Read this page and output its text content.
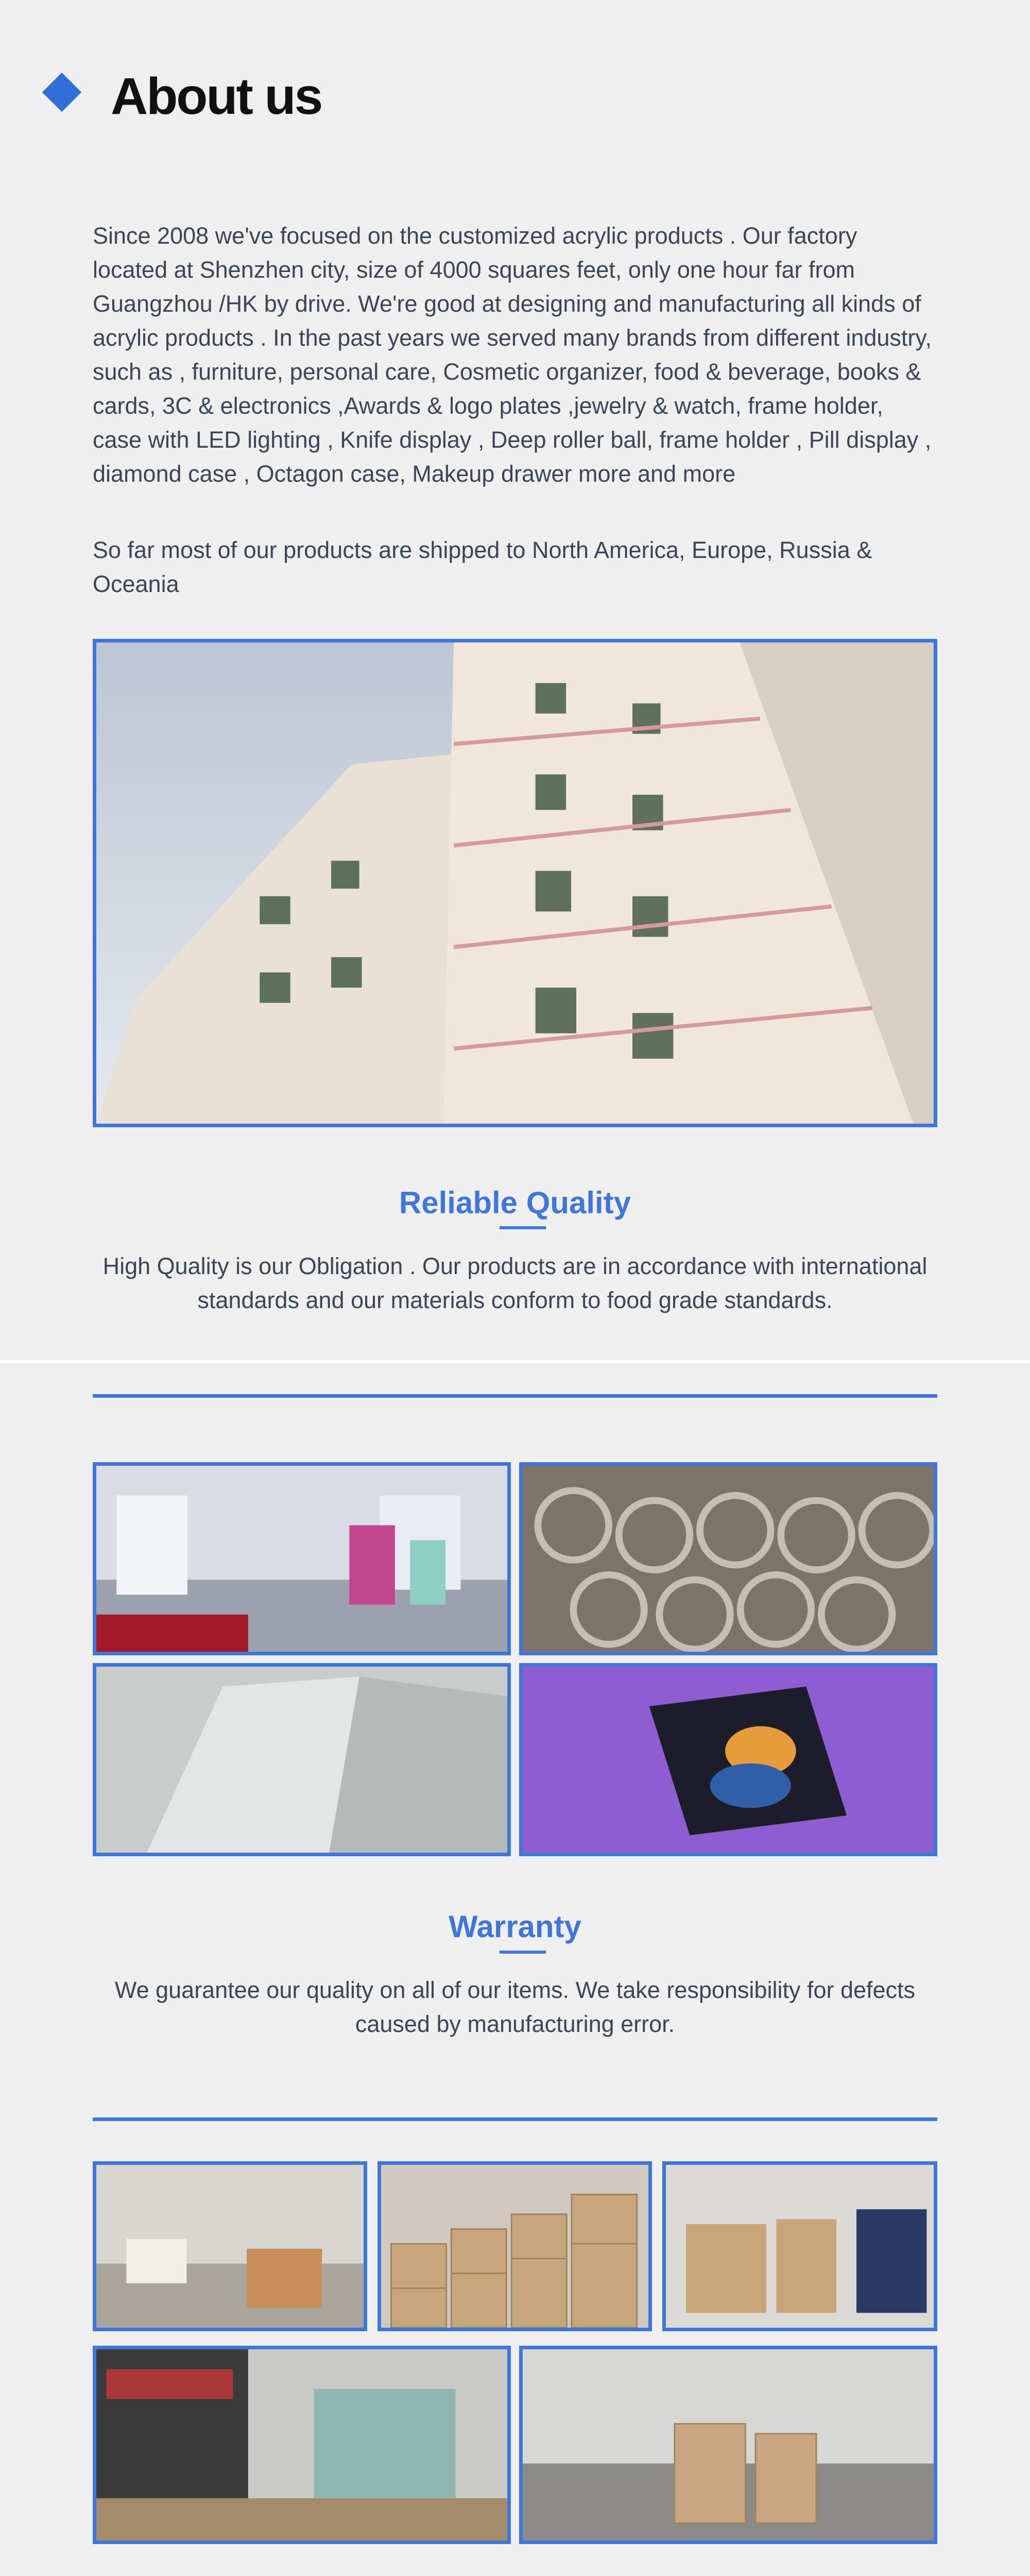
About us

Since 2008 we've focused on the customized acrylic products . Our factory located at Shenzhen city, size of 4000 squares feet, only one hour far from Guangzhou /HK by drive. We're good at designing and manufacturing all kinds of acrylic products . In the past years we served many brands from different industry, such as , furniture, personal care, Cosmetic organizer, food & beverage, books & cards, 3C & electronics ,Awards & logo plates ,jewelry & watch, frame holder, case with LED lighting , Knife display , Deep roller ball, frame holder , Pill display , diamond case , Octagon case, Makeup drawer more and more

So far most of our products are shipped to North America, Europe, Russia & Oceania

Reliable Quality
High Quality is our Obligation . Our products are in accordance with international standards and our materials conform to food grade standards.
Warranty
We guarantee our quality on all of our items. We take responsibility for defects caused by manufacturing error.
